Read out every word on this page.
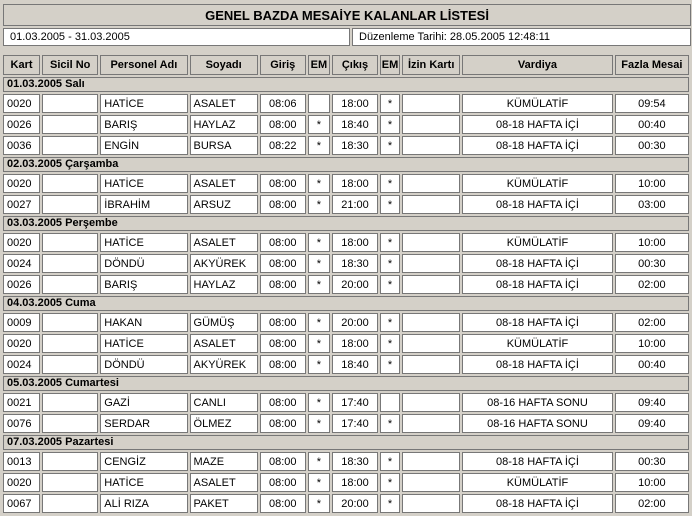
GENEL BAZDA MESAİYE KALANLAR LİSTESİ
01.03.2005 - 31.03.2005	Düzenleme Tarihi: 28.05.2005 12:48:11
Kart	Sicil No	Personel Adı	Soyadı	Giriş	EM	Çıkış	EM	İzin Kartı	Vardiya	Fazla Mesai
01.03.2005 Salı										
0020		HATİCE	ASALET	08:06		18:00	*		KÜMÜLATİF	09:54
0026		BARIŞ	HAYLAZ	08:00	*	18:40	*		08-18 HAFTA İÇİ	00:40
0036		ENGİN	BURSA	08:22	*	18:30	*		08-18 HAFTA İÇİ	00:30
02.03.2005 Çarşamba										
0020		HATİCE	ASALET	08:00	*	18:00	*		KÜMÜLATİF	10:00
0027		İBRAHİM	ARSUZ	08:00	*	21:00	*		08-18 HAFTA İÇİ	03:00
03.03.2005 Perşembe										
0020		HATİCE	ASALET	08:00	*	18:00	*		KÜMÜLATİF	10:00
0024		DÖNDÜ	AKYÜREK	08:00	*	18:30	*		08-18 HAFTA İÇİ	00:30
0026		BARIŞ	HAYLAZ	08:00	*	20:00	*		08-18 HAFTA İÇİ	02:00
04.03.2005 Cuma										
0009		HAKAN	GÜMÜŞ	08:00	*	20:00	*		08-18 HAFTA İÇİ	02:00
0020		HATİCE	ASALET	08:00	*	18:00	*		KÜMÜLATİF	10:00
0024		DÖNDÜ	AKYÜREK	08:00	*	18:40	*		08-18 HAFTA İÇİ	00:40
05.03.2005 Cumartesi										
0021		GAZİ	CANLI	08:00	*	17:40			08-16 HAFTA SONU	09:40
0076		SERDAR	ÖLMEZ	08:00	*	17:40	*		08-16 HAFTA SONU	09:40
07.03.2005 Pazartesi										
0013		CENGİZ	MAZE	08:00	*	18:30	*		08-18 HAFTA İÇİ	00:30
0020		HATİCE	ASALET	08:00	*	18:00	*		KÜMÜLATİF	10:00
0067		ALİ RIZA	PAKET	08:00	*	20:00	*		08-18 HAFTA İÇİ	02:00
